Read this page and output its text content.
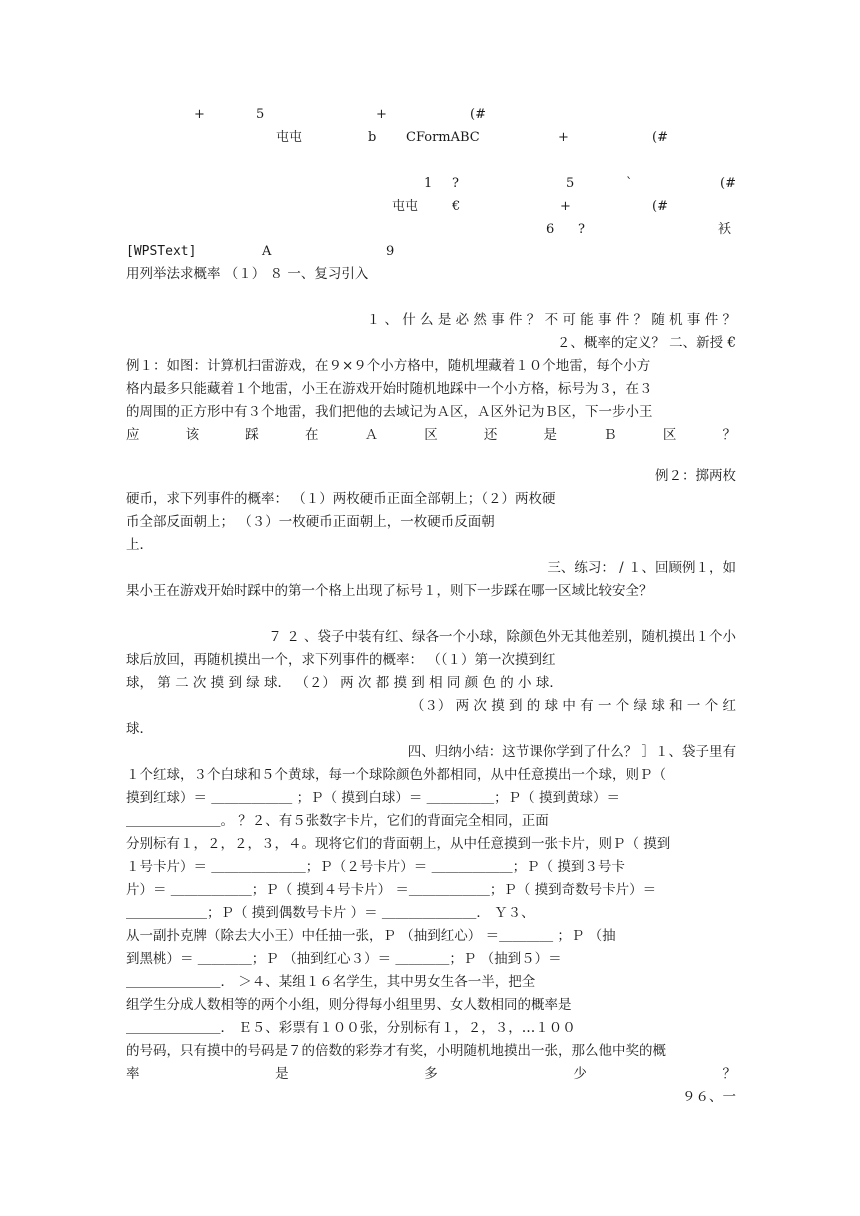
+	5	+	(#
屯屯	b CFormABC	+	(#
1 ?	5	`	(#
屯屯	€	+	(#
6 ?	袄
[WPSText]	A	9
用列举法求概率 （１） ８ 一、复习引入
１ 、 什 么 是 必 然 事 件 ？ 不 可 能 事 件 ？ 随 机 事 件 ？
２、概率的定义？ 二、新授 €
例１：如图：计算机扫雷游戏，在９×９个小方格中，随机埋藏着１０个地雷，每个小方
格内最多只能藏着１个地雷，小王在游戏开始时随机地踩中一个小方格，标号为３，在３
的周围的正方形中有３个地雷，我们把他的去域记为Ａ区，Ａ区外记为Ｂ区，下一步小王
应 该 踩 在 Ａ 区 还 是 Ｂ 区 ？
例２：掷两枚
硬币，求下列事件的概率： （１）两枚硬币正面全部朝上；（２）两枚硬
币全部反面朝上； （３）一枚硬币正面朝上，一枚硬币反面朝
上．
三、练习： / １、回顾例１，如
果小王在游戏开始时踩中的第一个格上出现了标号１，则下一步踩在哪一区域比较安全？
７ ２ 、袋子中装有红、绿各一个小球，除颜色外无其他差别，随机摸出１个小
球后放回，再随机摸出一个，求下列事件的概率： （（１）第一次摸到红
球， 第 二 次 摸 到 绿 球． （２） 两 次 都 摸 到 相 同 颜 色 的 小 球．
（３） 两 次 摸 到 的 球 中 有 一 个 绿 球 和 一 个 红
球．
四、归纳小结：这节课你学到了什么？ ］１、袋子里有
１个红球，３个白球和５个黄球，每一个球除颜色外都相同，从中任意摸出一个球，则Ｐ（
摸到红球）＝ ＿＿＿＿＿＿ ；Ｐ（ 摸到白球）＝ ＿＿＿＿＿；Ｐ（ 摸到黄球）＝
＿＿＿＿＿＿＿。 ？２、有５张数字卡片，它们的背面完全相同，正面
分别标有１，２，２，３，４。现将它们的背面朝上，从中任意摸到一张卡片，则Ｐ（ 摸到
１号卡片）＝ ＿＿＿＿＿＿＿；Ｐ（２号卡片）＝ ＿＿＿＿＿＿；Ｐ（ 摸到３号卡
片）＝ ＿＿＿＿＿＿；Ｐ（ 摸到４号卡片） ＝＿＿＿＿＿＿；Ｐ（ 摸到奇数号卡片）＝
＿＿＿＿＿＿；Ｐ（ 摸到偶数号卡片 ）＝ ＿＿＿＿＿＿＿． Ｙ３、
从一副扑克牌（除去大小王）中任抽一张，Ｐ （抽到红心） ＝＿＿＿＿ ；Ｐ （抽
到黑桃）＝ ＿＿＿＿；Ｐ （抽到红心３）＝ ＿＿＿＿；Ｐ （抽到５）＝
＿＿＿＿＿＿＿． ＞４、某组１６名学生，其中男女生各一半，把全
组学生分成人数相等的两个小组，则分得每小组里男、女人数相同的概率是
＿＿＿＿＿＿＿． Ｅ５、彩票有１００张，分别标有１，２，３，…１００
的号码，只有摸中的号码是７的倍数的彩券才有奖，小明随机地摸出一张，那么他中奖的概
率 是 多 少 ？
９６、一
